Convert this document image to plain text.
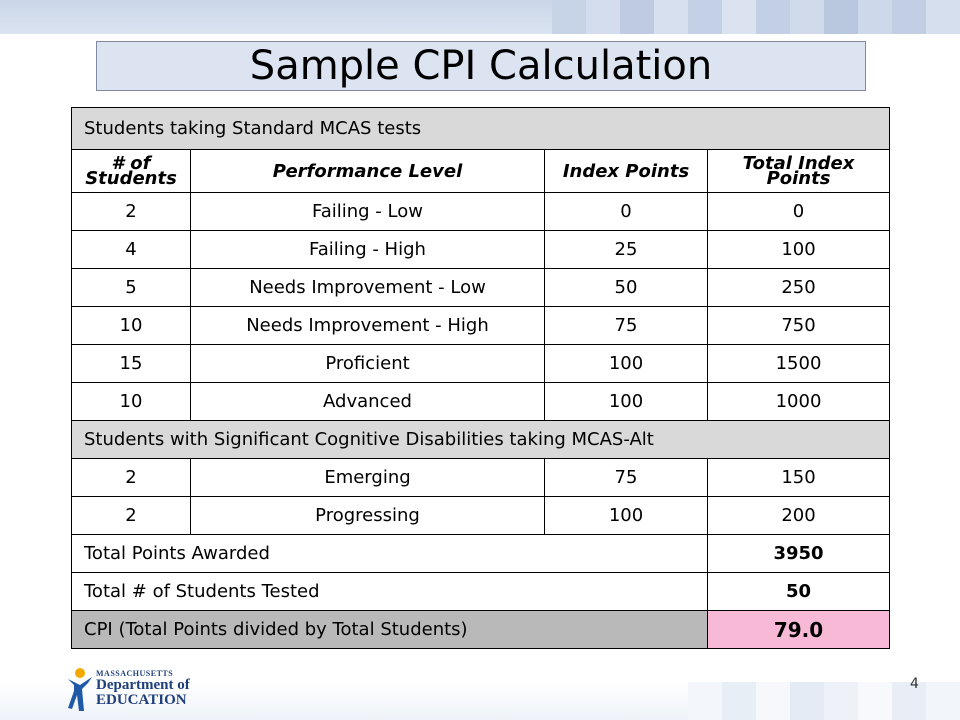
Sample CPI Calculation
Students taking Standard MCAS tests			
# of Students	Performance Level	Index Points	Total Index Points
2	Failing - Low	0	0
4	Failing - High	25	100
5	Needs Improvement - Low	50	250
10	Needs Improvement - High	75	750
15	Proficient	100	1500
10	Advanced	100	1000
Students with Significant Cognitive Disabilities taking MCAS-Alt			
2	Emerging	75	150
2	Progressing	100	200
Total Points Awarded			3950
Total # of Students Tested			50
CPI (Total Points divided by Total Students)			79.0
MASSACHUSETTS
Department of
EDUCATION
4
